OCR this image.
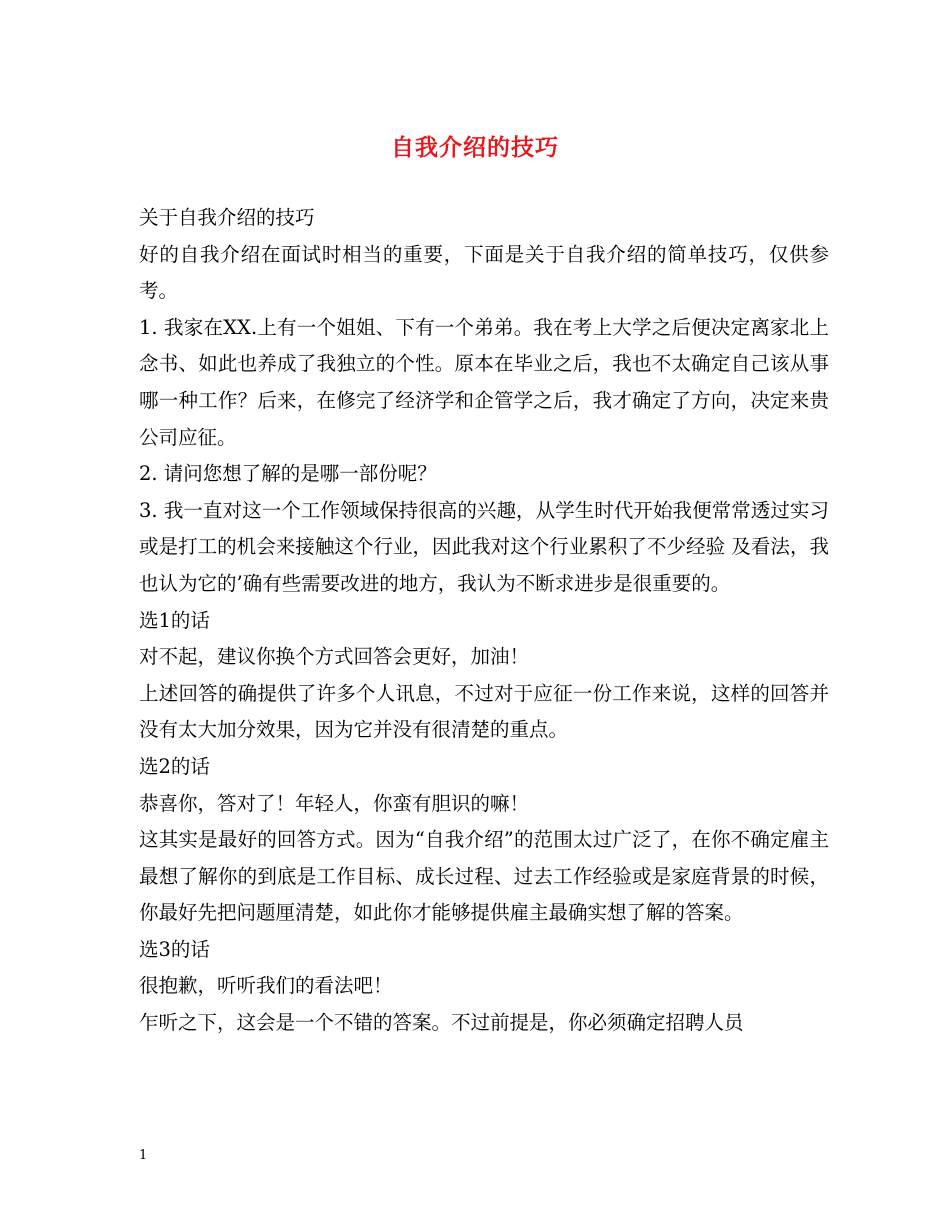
自我介绍的技巧

关于自我介绍的技巧

好的自我介绍在面试时相当的重要，下面是关于自我介绍的简单技巧，仅供参考。

1. 我家在XX.上有一个姐姐、下有一个弟弟。我在考上大学之后便决定离家北上念书、如此也养成了我独立的个性。原本在毕业之后，我也不太确定自己该从事哪一种工作？后来，在修完了经济学和企管学之后，我才确定了方向，决定来贵公司应征。

2. 请问您想了解的是哪一部份呢？

3. 我一直对这一个工作领域保持很高的兴趣，从学生时代开始我便常常透过实习或是打工的机会来接触这个行业，因此我对这个行业累积了不少经验 及看法，我也认为它的’确有些需要改进的地方，我认为不断求进步是很重要的。

选1的话

对不起，建议你换个方式回答会更好，加油！

上述回答的确提供了许多个人讯息，不过对于应征一份工作来说，这样的回答并没有太大加分效果，因为它并没有很清楚的重点。

选2的话

恭喜你，答对了！年轻人，你蛮有胆识的嘛！

这其实是最好的回答方式。因为“自我介绍”的范围太过广泛了，在你不确定雇主最想了解你的到底是工作目标、成长过程、过去工作经验或是家庭背景的时候，你最好先把问题厘清楚，如此你才能够提供雇主最确实想了解的答案。

选3的话

很抱歉，听听我们的看法吧！

乍听之下，这会是一个不错的答案。不过前提是，你必须确定招聘人员

1
